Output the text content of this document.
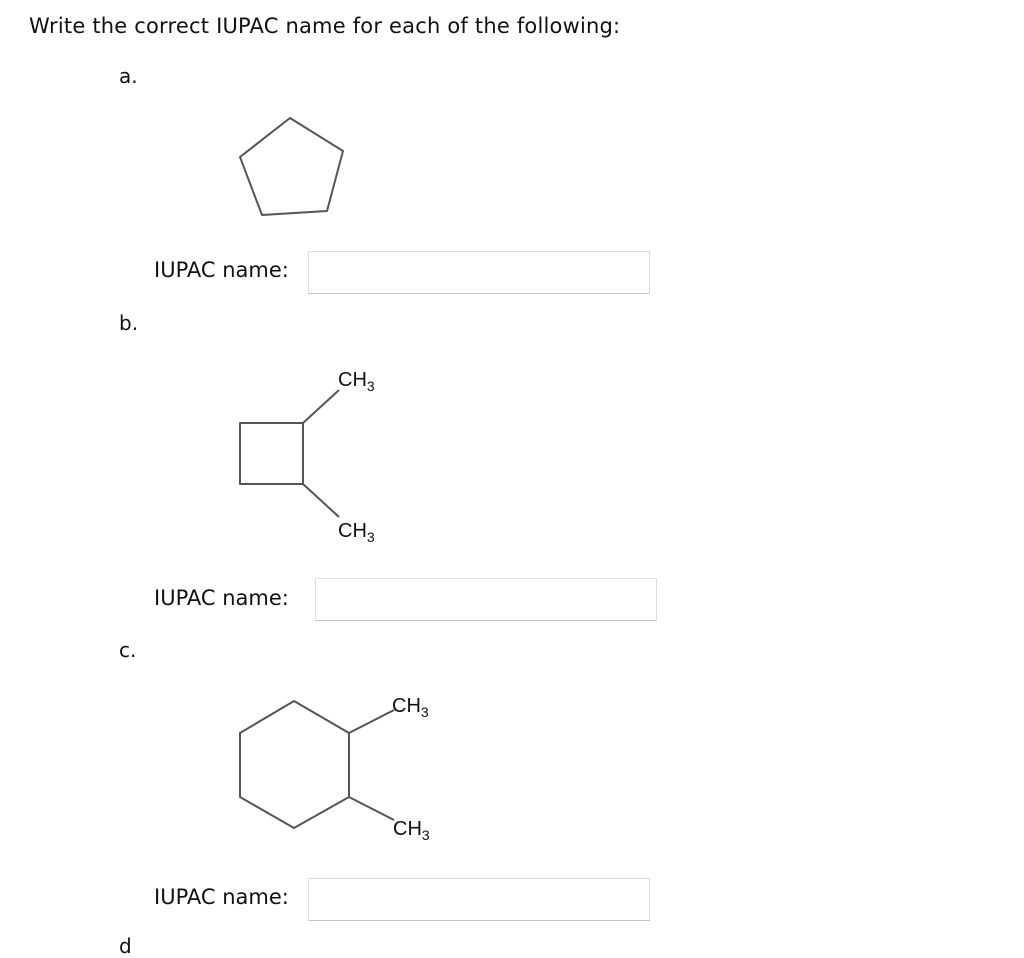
Write the correct IUPAC name for each of the following:
a.
IUPAC name:
b.
$CH_3$
$CH_3$
IUPAC name:
c.
$CH_3$
$CH_3$
IUPAC name:
d
